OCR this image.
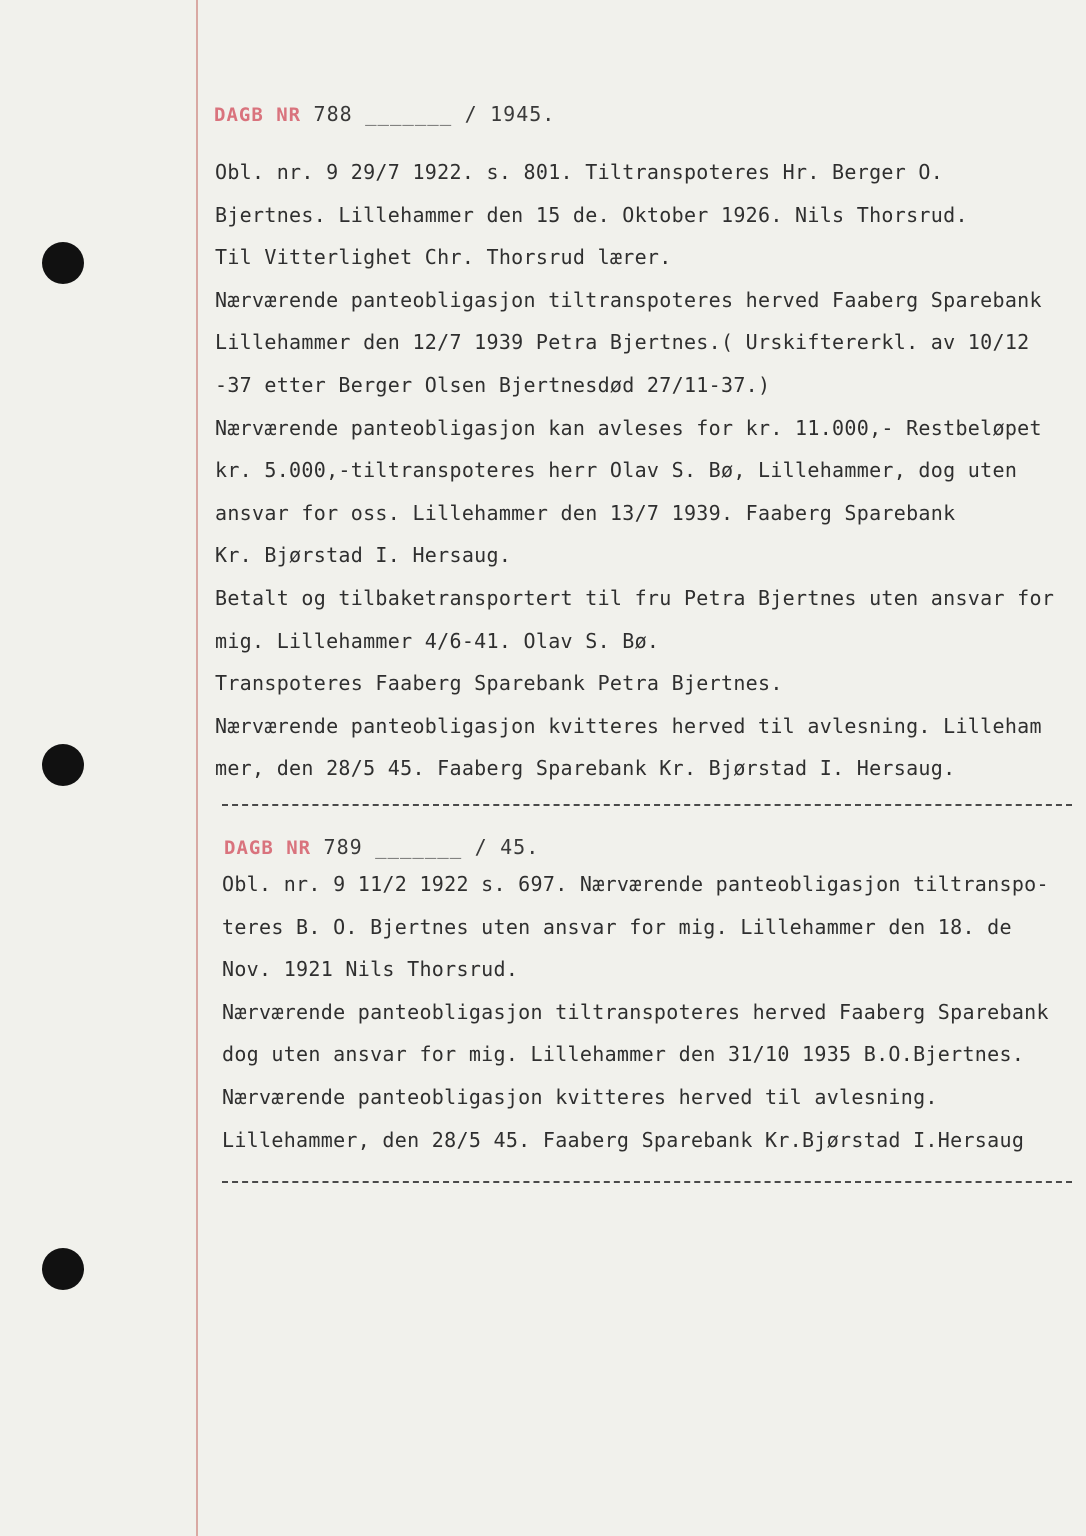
DAGB NR 788 _______ / 1945.
Obl. nr. 9 29/7 1922. s. 801. Tiltranspoteres Hr. Berger O.
Bjertnes. Lillehammer den 15 de. Oktober 1926. Nils Thorsrud.
Til Vitterlighet Chr. Thorsrud lærer.
Nærværende panteobligasjon tiltranspoteres herved Faaberg Sparebank
Lillehammer den 12/7 1939 Petra Bjertnes.( Urskiftererkl. av 10/12
-37 etter Berger Olsen Bjertnesdød 27/11-37.)
Nærværende panteobligasjon kan avleses for kr. 11.000,- Restbeløpet
kr. 5.000,-tiltranspoteres herr Olav S. Bø, Lillehammer, dog uten
ansvar for oss. Lillehammer den 13/7 1939. Faaberg Sparebank
Kr. Bjørstad I. Hersaug.
Betalt og tilbaketransportert til fru Petra Bjertnes uten ansvar for
mig. Lillehammer 4/6-41. Olav S. Bø.
Transpoteres Faaberg Sparebank Petra Bjertnes.
Nærværende panteobligasjon kvitteres herved til avlesning. Lilleham
mer, den 28/5 45. Faaberg Sparebank Kr. Bjørstad I. Hersaug.
DAGB NR 789 _______ / 45.
Obl. nr. 9 11/2 1922 s. 697. Nærværende panteobligasjon tiltranspo-
teres B. O. Bjertnes uten ansvar for mig. Lillehammer den 18. de
Nov. 1921 Nils Thorsrud.
Nærværende panteobligasjon tiltranspoteres herved Faaberg Sparebank
dog uten ansvar for mig. Lillehammer den 31/10 1935 B.O.Bjertnes.
Nærværende panteobligasjon kvitteres herved til avlesning.
Lillehammer, den 28/5 45. Faaberg Sparebank Kr.Bjørstad I.Hersaug
